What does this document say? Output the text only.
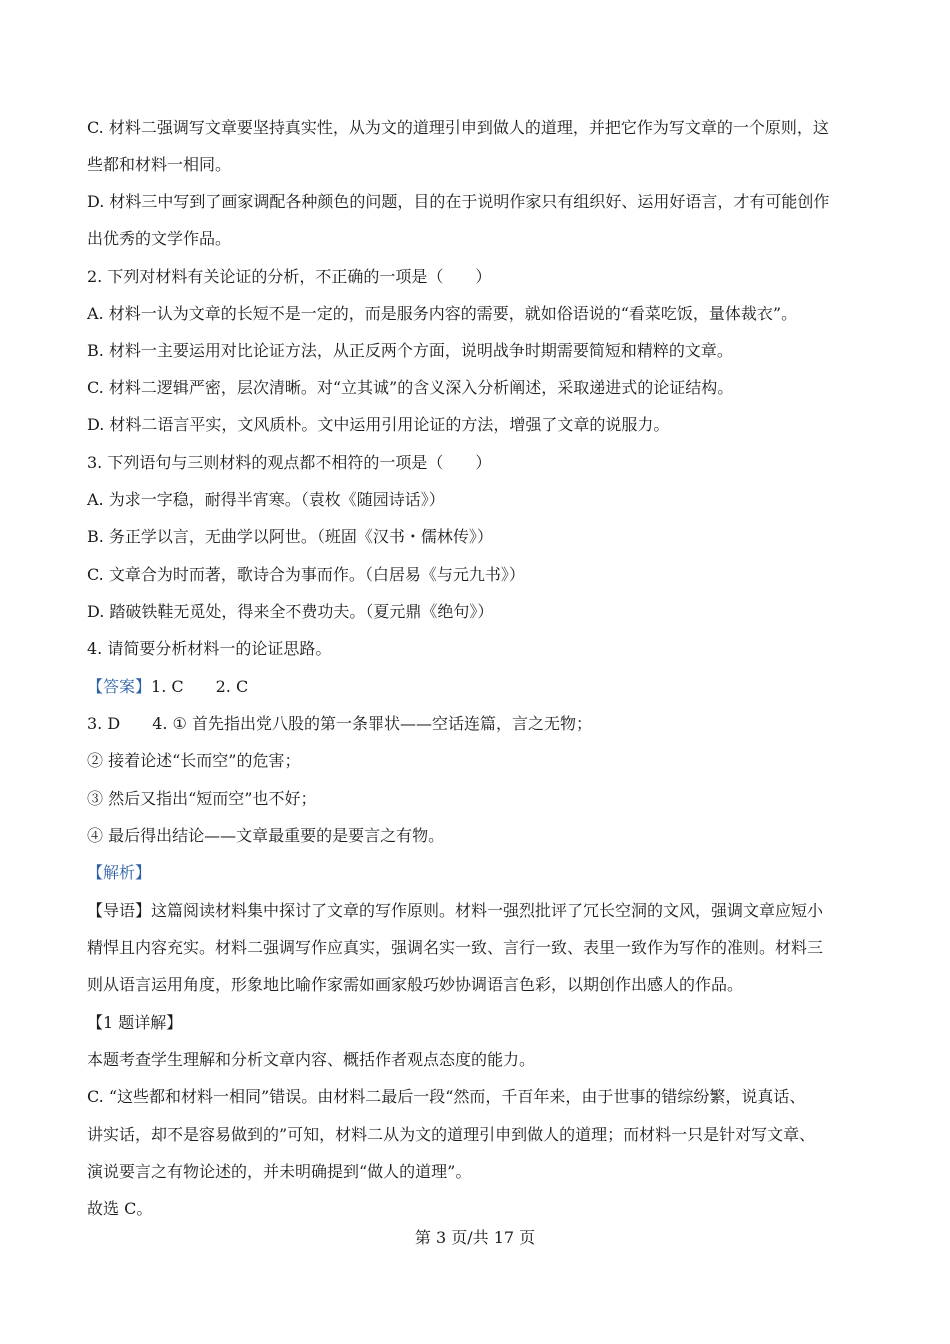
C. 材料二强调写文章要坚持真实性，从为文的道理引申到做人的道理，并把它作为写文章的一个原则，这
些都和材料一相同。
D. 材料三中写到了画家调配各种颜色的问题，目的在于说明作家只有组织好、运用好语言，才有可能创作
出优秀的文学作品。
2. 下列对材料有关论证的分析，不正确的一项是（　　）
A. 材料一认为文章的长短不是一定的，而是服务内容的需要，就如俗语说的“看菜吃饭，量体裁衣”。
B. 材料一主要运用对比论证方法，从正反两个方面，说明战争时期需要简短和精粹的文章。
C. 材料二逻辑严密，层次清晰。对“立其诚”的含义深入分析阐述，采取递进式的论证结构。
D. 材料二语言平实，文风质朴。文中运用引用论证的方法，增强了文章的说服力。
3. 下列语句与三则材料的观点都不相符的一项是（　　）
A. 为求一字稳，耐得半宵寒。（袁枚《随园诗话》）
B. 务正学以言，无曲学以阿世。（班固《汉书・儒林传》）
C. 文章合为时而著，歌诗合为事而作。（白居易《与元九书》）
D. 踏破铁鞋无觅处，得来全不费功夫。（夏元鼎《绝句》）
4. 请简要分析材料一的论证思路。
【答案】1. C 2. C
3. D 4. ① 首先指出党八股的第一条罪状——空话连篇，言之无物；
② 接着论述“长而空”的危害；
③ 然后又指出“短而空”也不好；
④ 最后得出结论——文章最重要的是要言之有物。
【解析】
【导语】这篇阅读材料集中探讨了文章的写作原则。材料一强烈批评了冗长空洞的文风，强调文章应短小
精悍且内容充实。材料二强调写作应真实，强调名实一致、言行一致、表里一致作为写作的准则。材料三
则从语言运用角度，形象地比喻作家需如画家般巧妙协调语言色彩，以期创作出感人的作品。
【1 题详解】
本题考查学生理解和分析文章内容、概括作者观点态度的能力。
C. “这些都和材料一相同”错误。由材料二最后一段“然而，千百年来，由于世事的错综纷繁，说真话、
讲实话，却不是容易做到的”可知，材料二从为文的道理引申到做人的道理；而材料一只是针对写文章、
演说要言之有物论述的，并未明确提到“做人的道理”。
故选 C。
第 3 页/共 17 页
